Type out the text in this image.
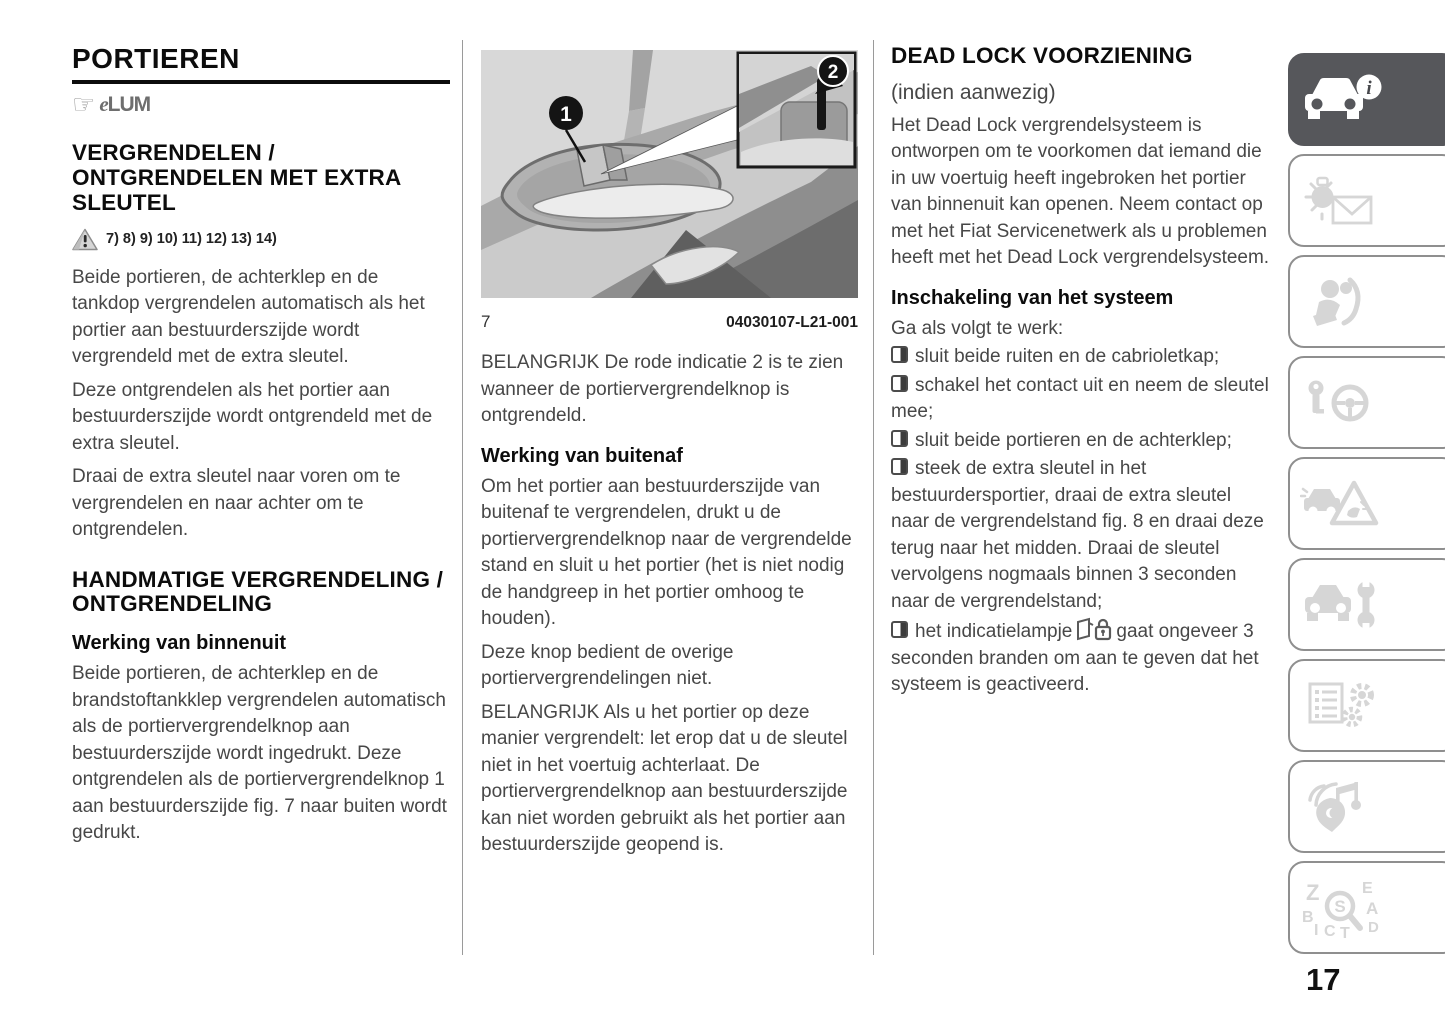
PORTIEREN
☞ eLUM
VERGRENDELEN / ONTGRENDELEN MET EXTRA SLEUTEL
7) 8) 9) 10) 11) 12) 13) 14)

Beide portieren, de achterklep en de tankdop vergrendelen automatisch als het portier aan bestuurderszijde wordt vergrendeld met de extra sleutel.

Deze ontgrendelen als het portier aan bestuurderszijde wordt ontgrendeld met de extra sleutel.

Draai de extra sleutel naar voren om te vergrendelen en naar achter om te ontgrendelen.

HANDMATIGE VERGRENDELING / ONTGRENDELING
Werking van binnenuit

Beide portieren, de achterklep en de brandstoftankklep vergrendelen automatisch als de portiervergrendelknop aan bestuurderszijde wordt ingedrukt. Deze ontgrendelen als de portiervergrendelknop 1 aan bestuurderszijde fig. 7 naar buiten wordt gedrukt.

1
2
7	04030107-L21-001

BELANGRIJK De rode indicatie 2 is te zien wanneer de portiervergrendelknop is ontgrendeld.

Werking van buitenaf

Om het portier aan bestuurderszijde van buitenaf te vergrendelen, drukt u de portiervergrendelknop naar de vergrendelde stand en sluit u het portier (het is niet nodig de handgreep in het portier omhoog te houden).

Deze knop bedient de overige portiervergrendelingen niet.

BELANGRIJK Als u het portier op deze manier vergrendelt: let erop dat u de sleutel niet in het voertuig achterlaat. De portiervergrendelknop aan bestuurderszijde kan niet worden gebruikt als het portier aan bestuurderszijde geopend is.

DEAD LOCK VOORZIENING
(indien aanwezig)

Het Dead Lock vergrendelsysteem is ontworpen om te voorkomen dat iemand die in uw voertuig heeft ingebroken het portier van binnenuit kan openen. Neem contact op met het Fiat Servicenetwerk als u problemen heeft met het Dead Lock vergrendelsysteem.

Inschakeling van het systeem

Ga als volgt te werk:

sluit beide ruiten en de cabrioletkap;

schakel het contact uit en neem de sleutel mee;

sluit beide portieren en de achterklep;

steek de extra sleutel in het bestuurdersportier, draai de extra sleutel naar de vergrendelstand fig. 8 en draai deze terug naar het midden. Draai de sleutel vervolgens nogmaals binnen 3 seconden naar de vergrendelstand;

het indicatielampje gaat ongeveer 3 seconden branden om aan te geven dat het systeem is geactiveerd.

i
Z	E
B	A
D
I C T
S
17
